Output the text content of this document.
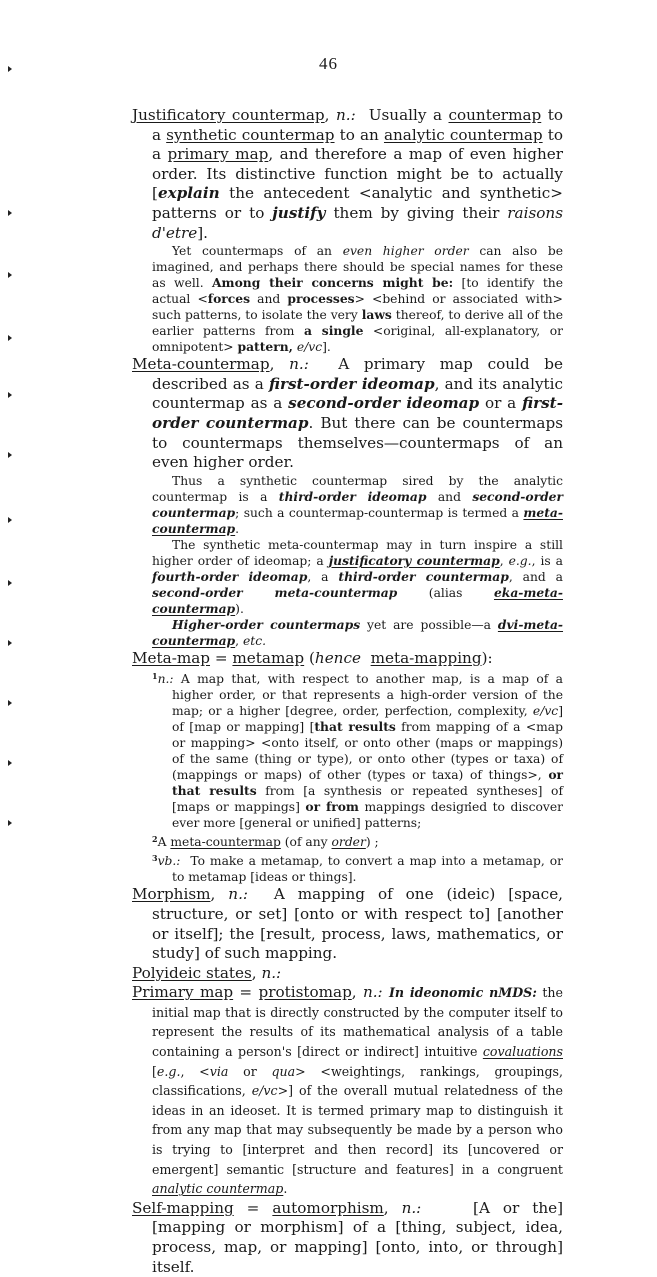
46

Justificatory countermap, n.: Usually a countermap to a synthetic countermap to an analytic countermap to a primary map, and therefore a map of even higher order. Its distinctive function might be to actually [explain the antecedent <analytic and synthetic> patterns or to justify them by giving their raisons d'etre].

Yet countermaps of an even higher order can also be imagined, and perhaps there should be special names for these as well. Among their concerns might be: [to identify the actual <forces and processes> <behind or associated with> such patterns, to isolate the very laws thereof, to derive all of the earlier patterns from a single <original, all-explanatory, or omnipotent> pattern, e/vc].

Meta-countermap, n.: A primary map could be described as a first-order ideomap, and its analytic countermap as a second-order ideomap or a first-order countermap. But there can be countermaps to countermaps themselves—countermaps of an even higher order.

Thus a synthetic countermap sired by the analytic countermap is a third-order ideomap and second-order countermap; such a countermap-countermap is termed a meta-countermap.

The synthetic meta-countermap may in turn inspire a still higher order of ideomap; a justificatory countermap, e.g., is a fourth-order ideomap, a third-order countermap, and a second-order meta-countermap (alias eka-meta-countermap).

Higher-order countermaps yet are possible—a dvi-meta-countermap, etc.

Meta-map = metamap (hence meta-mapping):

$^1$n.: A map that, with respect to another map, is a map of a higher order, or that represents a high-order version of the map; or a higher [degree, order, perfection, complexity, e/vc] of [map or mapping] [that results from mapping of a <map or mapping> <onto itself, or onto other (maps or mappings) of the same (thing or type), or onto other (types or taxa) of (mappings or maps) of other (types or taxa) of things>, or that results from [a synthesis or repeated syntheses] of [maps or mappings] or from mappings designed to discover ever more [general or unified] patterns;

$^2$A meta-countermap (of any order) ;

$^3$vb.:  To make a metamap, to convert a map into a metamap, or to metamap [ideas or things].

Morphism, n.: A mapping of one (ideic) [space, structure, or set] [onto or with respect to] [another or itself]; the [result, process, laws, mathematics, or study] of such mapping.

Polyideic states, n.:

Primary map = protistomap, n.: In ideonomic nMDS: the initial map that is directly constructed by the computer itself to represent the results of its mathematical analysis of a table containing a person's [direct or indirect] intuitive covaluations [e.g., <via or qua> <weightings, rankings, groupings, classifications, e/vc>] of the overall mutual relatedness of the ideas in an ideoset. It is termed primary map to distinguish it from any map that may subsequently be made by a person who is trying to [interpret and then record] its [uncovered or emergent] semantic [structure and features] in a congruent analytic countermap.

Self-mapping = automorphism, n.:	[A or the] [mapping or morphism] of a [thing, subject, idea, process, map, or mapping] [onto, into, or through] itself.
